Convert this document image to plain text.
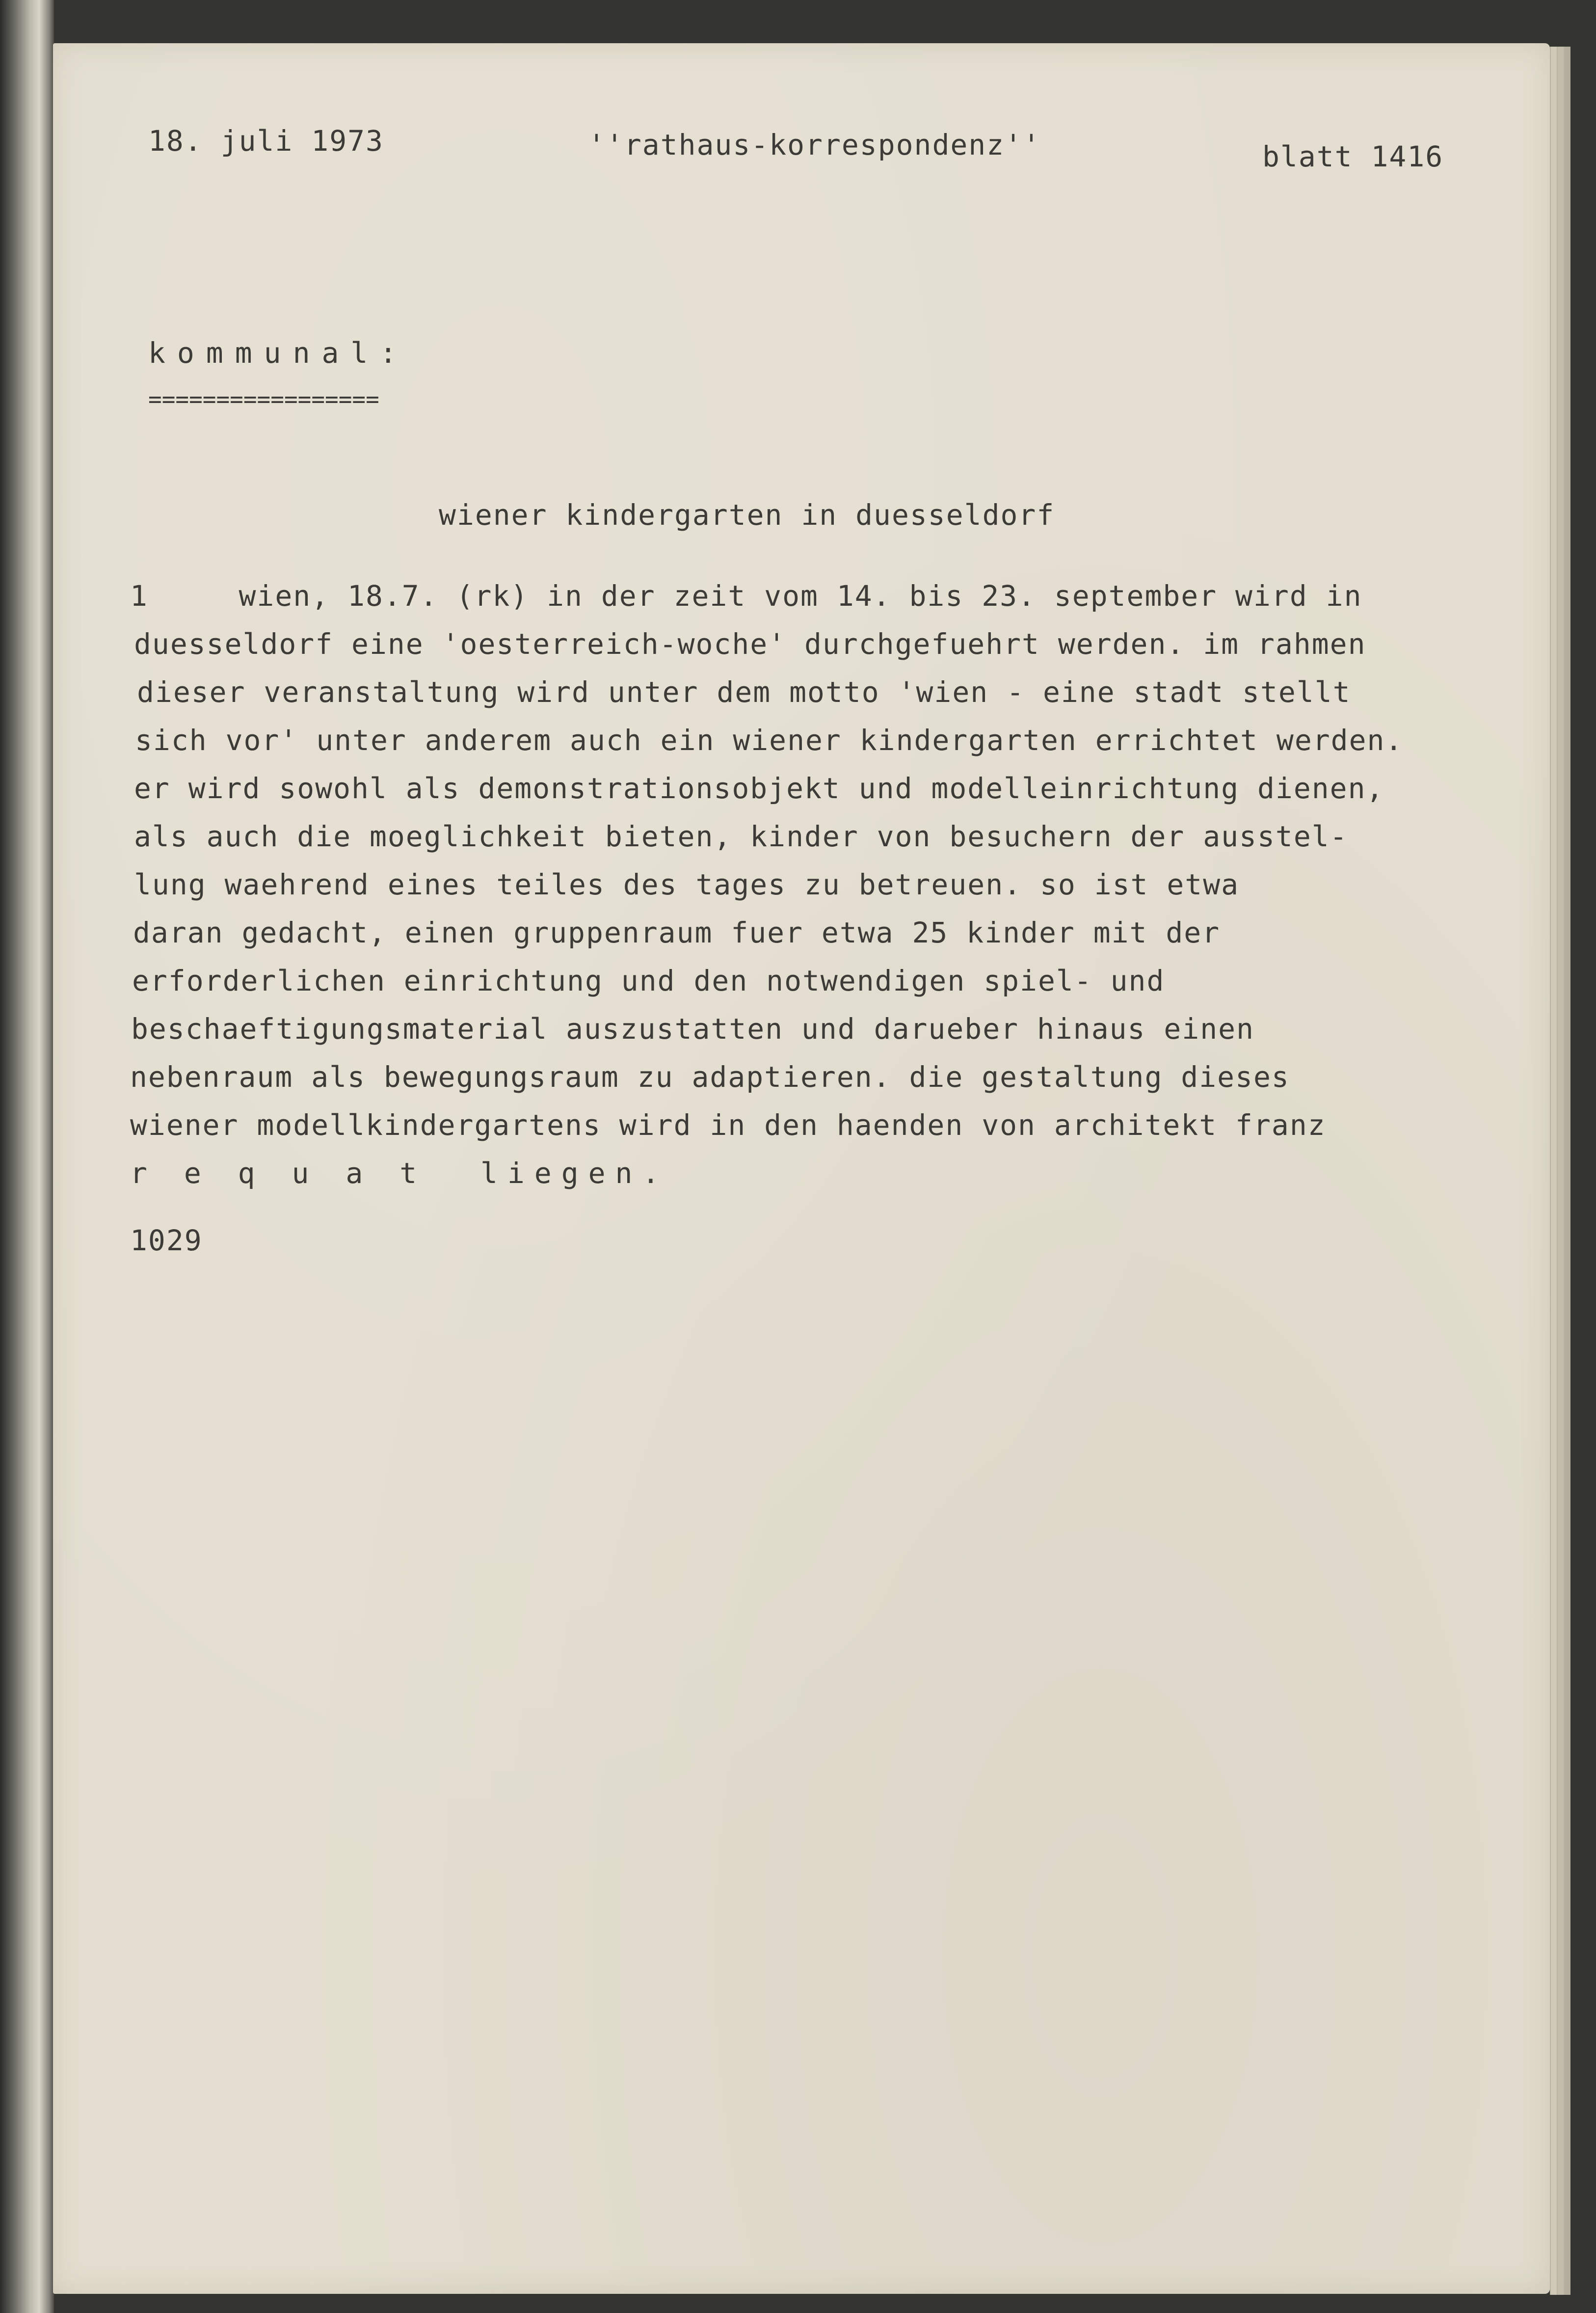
18. juli 1973	''rathaus-korrespondenz''	blatt 1416
kommunal:
=================
wiener kindergarten in duesseldorf
1     wien, 18.7. (rk) in der zeit vom 14. bis 23. september wird in
duesseldorf eine 'oesterreich-woche' durchgefuehrt werden. im rahmen
dieser veranstaltung wird unter dem motto 'wien - eine stadt stellt
sich vor' unter anderem auch ein wiener kindergarten errichtet werden.
er wird sowohl als demonstrationsobjekt und modelleinrichtung dienen,
als auch die moeglichkeit bieten, kinder von besuchern der ausstel-
lung waehrend eines teiles des tages zu betreuen. so ist etwa
daran gedacht, einen gruppenraum fuer etwa 25 kinder mit der
erforderlichen einrichtung und den notwendigen spiel- und
beschaeftigungsmaterial auszustatten und darueber hinaus einen
nebenraum als bewegungsraum zu adaptieren. die gestaltung dieses
wiener modellkindergartens wird in den haenden von architekt franz
r e q u a t  liegen.
1029
